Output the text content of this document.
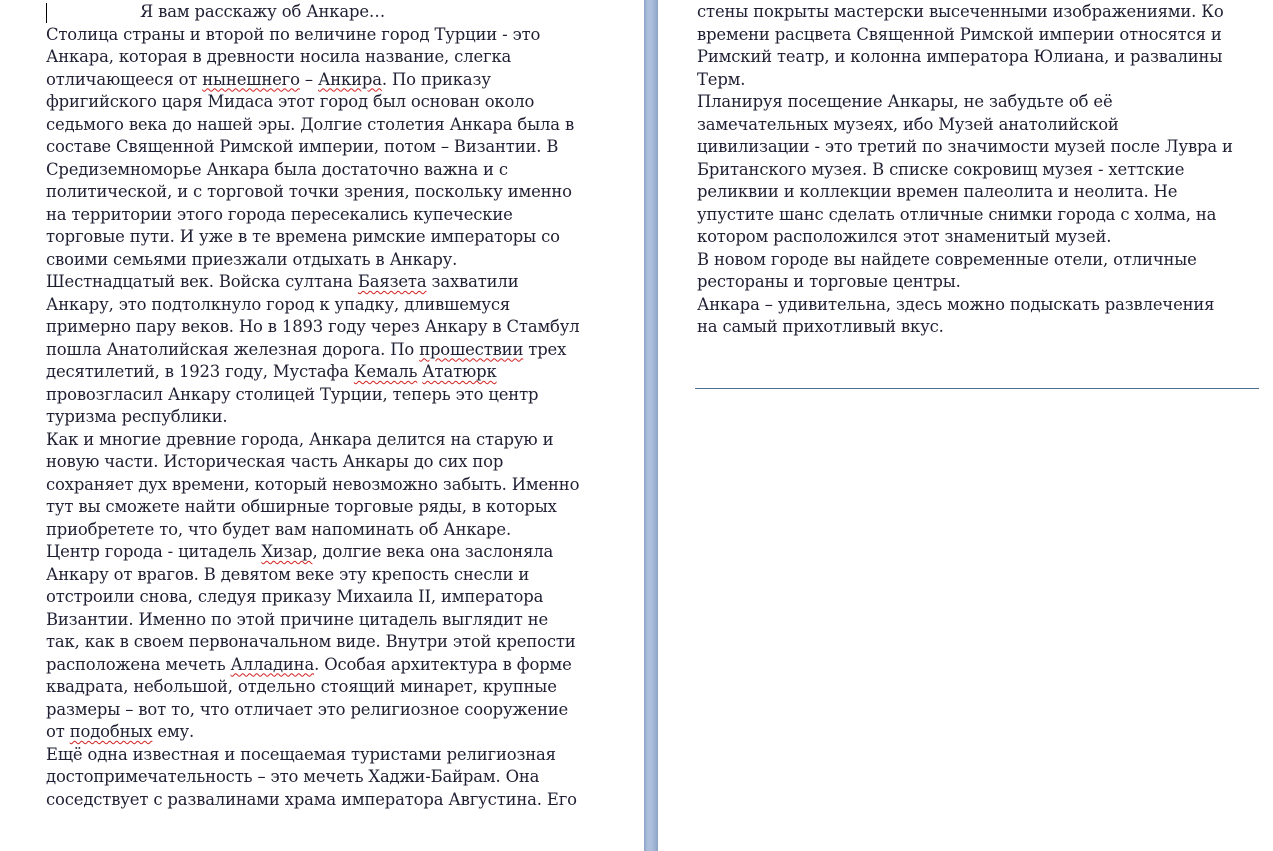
Я вам расскажу об Анкаре…
Столица страны и второй по величине город Турции - это
Анкара, которая в древности носила название, слегка
отличающееся от нынешнего – Анкира. По приказу
фригийского царя Мидаса этот город был основан около
седьмого века до нашей эры. Долгие столетия Анкара была в
составе Священной Римской империи, потом – Византии. В
Средиземноморье Анкара была достаточно важна и с
политической, и с торговой точки зрения, поскольку именно
на территории этого города пересекались купеческие
торговые пути. И уже в те времена римские императоры со
своими семьями приезжали отдыхать в Анкару.
Шестнадцатый век. Войска султана Баязета захватили
Анкару, это подтолкнуло город к упадку, длившемуся
примерно пару веков. Но в 1893 году через Анкару в Стамбул
пошла Анатолийская железная дорога. По прошествии трех
десятилетий, в 1923 году, Мустафа Кемаль Ататюрк
провозгласил Анкару столицей Турции, теперь это центр
туризма республики.
Как и многие древние города, Анкара делится на старую и
новую части. Историческая часть Анкары до сих пор
сохраняет дух времени, который невозможно забыть. Именно
тут вы сможете найти обширные торговые ряды, в которых
приобретете то, что будет вам напоминать об Анкаре.
Центр города - цитадель Хизар, долгие века она заслоняла
Анкару от врагов. В девятом веке эту крепость снесли и
отстроили снова, следуя приказу Михаила II, императора
Византии. Именно по этой причине цитадель выглядит не
так, как в своем первоначальном виде. Внутри этой крепости
расположена мечеть Алладина. Особая архитектура в форме
квадрата, небольшой, отдельно стоящий минарет, крупные
размеры – вот то, что отличает это религиозное сооружение
от подобных ему.
Ещё одна известная и посещаемая туристами религиозная
достопримечательность – это мечеть Хаджи-Байрам. Она
соседствует с развалинами храма императора Августина. Его
стены покрыты мастерски высеченными изображениями. Ко
времени расцвета Священной Римской империи относятся и
Римский театр, и колонна императора Юлиана, и развалины
Терм.
Планируя посещение Анкары, не забудьте об её
замечательных музеях, ибо Музей анатолийской
цивилизации - это третий по значимости музей после Лувра и
Британского музея. В списке сокровищ музея - хеттские
реликвии и коллекции времен палеолита и неолита. Не
упустите шанс сделать отличные снимки города с холма, на
котором расположился этот знаменитый музей.
В новом городе вы найдете современные отели, отличные
рестораны и торговые центры.
Анкара – удивительна, здесь можно подыскать развлечения
на самый прихотливый вкус.
